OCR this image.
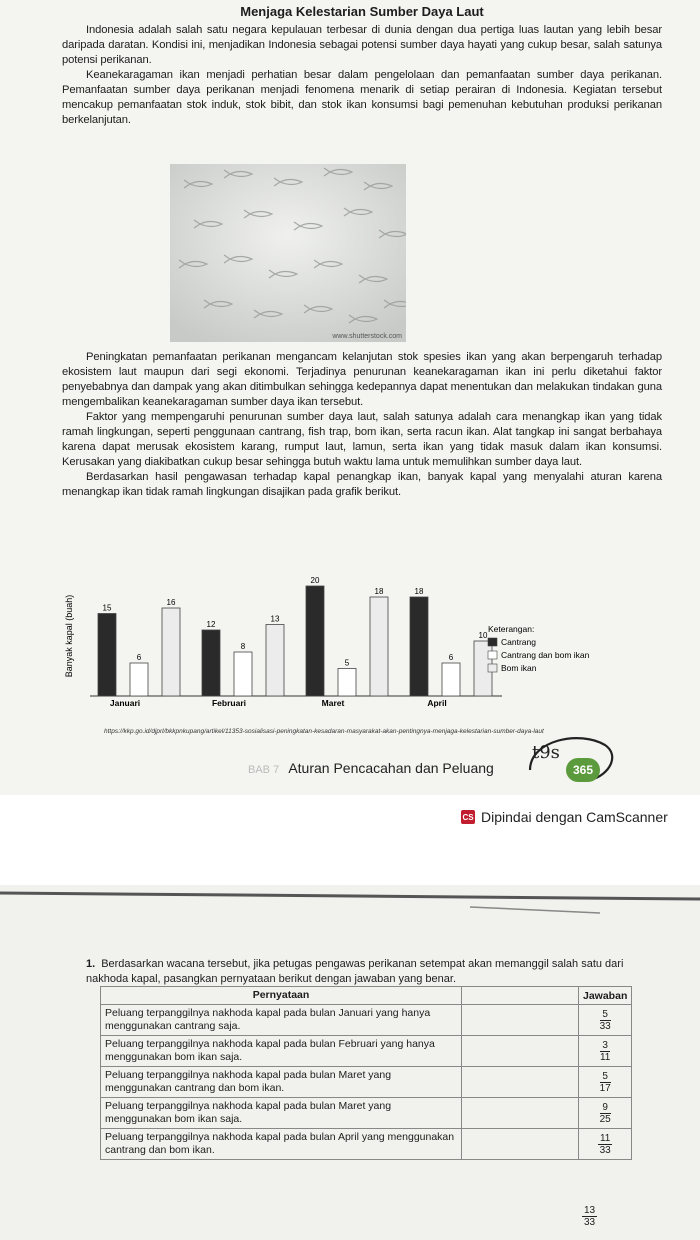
Menjaga Kelestarian Sumber Daya Laut

Indonesia adalah salah satu negara kepulauan terbesar di dunia dengan dua pertiga luas lautan yang lebih besar daripada daratan. Kondisi ini, menjadikan Indonesia sebagai potensi sumber daya hayati yang cukup besar, salah satunya potensi perikanan.

Keanekaragaman ikan menjadi perhatian besar dalam pengelolaan dan pemanfaatan sumber daya perikanan. Pemanfaatan sumber daya perikanan menjadi fenomena menarik di setiap perairan di Indonesia. Kegiatan tersebut mencakup pemanfaatan stok induk, stok bibit, dan stok ikan konsumsi bagi pemenuhan kebutuhan produksi perikanan berkelanjutan.

www.shutterstock.com

Peningkatan pemanfaatan perikanan mengancam kelanjutan stok spesies ikan yang akan berpengaruh terhadap ekosistem laut maupun dari segi ekonomi. Terjadinya penurunan keanekaragaman ikan ini perlu diketahui faktor penyebabnya dan dampak yang akan ditimbulkan sehingga kedepannya dapat menentukan dan melakukan tindakan guna mengembalikan keanekaragaman sumber daya ikan tersebut.

Faktor yang mempengaruhi penurunan sumber daya laut, salah satunya adalah cara menangkap ikan yang tidak ramah lingkungan, seperti penggunaan cantrang, fish trap, bom ikan, serta racun ikan. Alat tangkap ini sangat berbahaya karena dapat merusak ekosistem karang, rumput laut, lamun, serta ikan yang tidak masuk dalam ikan konsumsi. Kerusakan yang diakibatkan cukup besar sehingga butuh waktu lama untuk memulihkan sumber daya laut.

Berdasarkan hasil pengawasan terhadap kapal penangkap ikan, banyak kapal yang menyalahi aturan karena menangkap ikan tidak ramah lingkungan disajikan pada grafik berikut.

Banyak kapal (buah)	15
6
16
Januari
12
8
13
Februari
20
5
18
Maret
18
6
10
April
Keterangan:
Cantrang
Cantrang dan bom ikan
Bom ikan
https://kkp.go.id/djprl/bkkpnkupang/artikel/11353-sosialisasi-peningkatan-kesadaran-masyarakat-akan-pentingnya-menjaga-kelestarian-sumber-daya-laut
t9s
BAB 7 Aturan Pencacahan dan Peluang	365
CS Dipindai dengan CamScanner
1. Berdasarkan wacana tersebut, jika petugas pengawas perikanan setempat akan memanggil salah satu dari nakhoda kapal, pasangkan pernyataan berikut dengan jawaban yang benar.
Pernyataan		Jawaban
Peluang terpanggilnya nakhoda kapal pada bulan Januari yang hanya menggunakan cantrang saja.		$\frac{5}{33}$

Peluang terpanggilnya nakhoda kapal pada bulan Februari yang hanya menggunakan bom ikan saja.		$\frac{3}{11}$

Peluang terpanggilnya nakhoda kapal pada bulan Maret yang menggunakan cantrang dan bom ikan.		$\frac{5}{17}$

Peluang terpanggilnya nakhoda kapal pada bulan Maret yang menggunakan bom ikan saja.		$\frac{9}{25}$

Peluang terpanggilnya nakhoda kapal pada bulan April yang menggunakan cantrang dan bom ikan.		$\frac{11}{33}$
$\frac{13}{33}$
